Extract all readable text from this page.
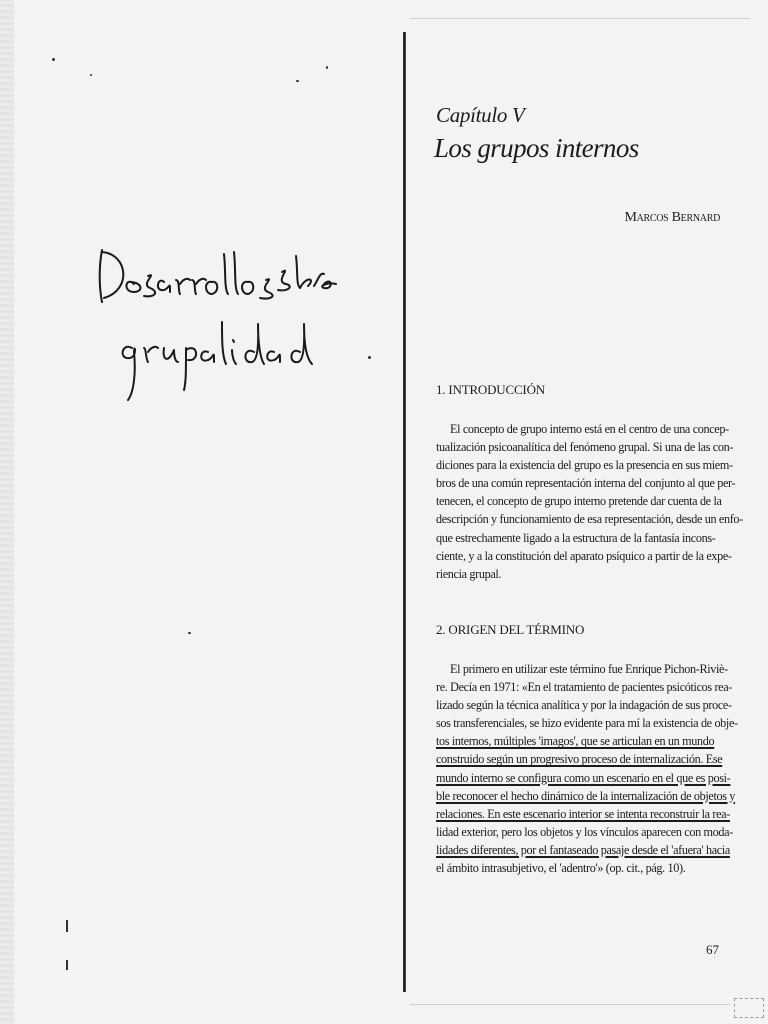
Capítulo V
Los grupos internos
Marcos Bernard
1. INTRODUCCIÓN
El concepto de grupo interno está en el centro de una concep-
tualización psicoanalítica del fenómeno grupal. Si una de las con-
diciones para la existencia del grupo es la presencia en sus miem-
bros de una común representación interna del conjunto al que per-
tenecen, el concepto de grupo interno pretende dar cuenta de la
descripción y funcionamiento de esa representación, desde un enfo-
que estrechamente ligado a la estructura de la fantasía incons-
ciente, y a la constitución del aparato psíquico a partir de la expe-
riencia grupal.
2. ORIGEN DEL TÉRMINO
El primero en utilizar este término fue Enrique Pichon-Riviè-
re. Decía en 1971: «En el tratamiento de pacientes psicóticos rea-
lizado según la técnica analítica y por la indagación de sus proce-
sos transferenciales, se hizo evidente para mí la existencia de obje-
tos internos, múltiples 'imagos', que se articulan en un mundo
construido según un progresivo proceso de internalización. Ese
mundo interno se configura como un escenario en el que es posi-
ble reconocer el hecho dinámico de la internalización de objetos y
relaciones. En este escenario interior se intenta reconstruir la rea-
lidad exterior, pero los objetos y los vínculos aparecen con moda-
lidades diferentes, por el fantaseado pasaje desde el 'afuera' hacia
el ámbito intrasubjetivo, el 'adentro'» (op. cit., pág. 10).
67
